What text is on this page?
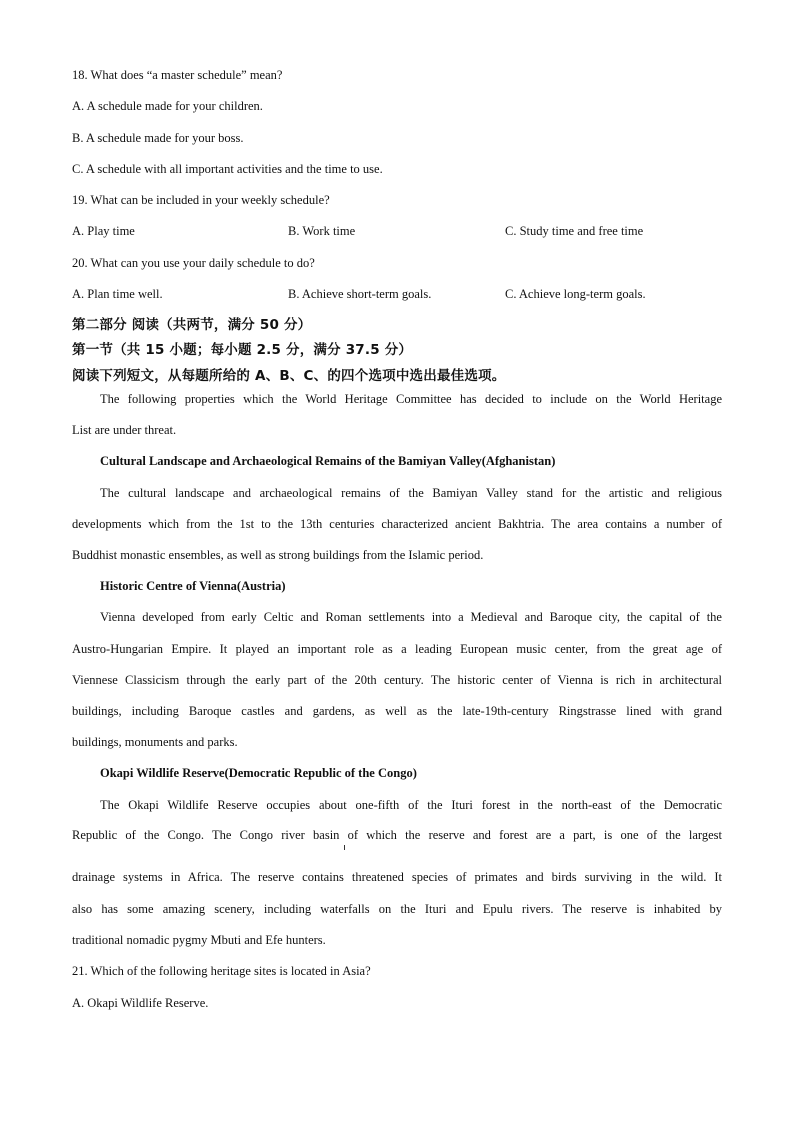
18. What does “a master schedule” mean?
A. A schedule made for your children.
B. A schedule made for your boss.
C. A schedule with all important activities and the time to use.
19. What can be included in your weekly schedule?
A. Play time	B. Work time	C. Study time and free time
20. What can you use your daily schedule to do?
A. Plan time well.	B. Achieve short-term goals.	C. Achieve long-term goals.
第二部分 阅读（共两节，满分 50 分）
第一节（共 15 小题；每小题 2.5 分，满分 37.5 分）
阅读下列短文，从每题所给的 A、B、C、的四个选项中选出最佳选项。
The following properties which the World Heritage Committee has decided to include on the World Heritage
List are under threat.
Cultural Landscape and Archaeological Remains of the Bamiyan Valley(Afghanistan)
The cultural landscape and archaeological remains of the Bamiyan Valley stand for the artistic and religious
developments which from the 1st to the 13th centuries characterized ancient Bakhtria. The area contains a number of
Buddhist monastic ensembles, as well as strong buildings from the Islamic period.
Historic Centre of Vienna(Austria)
Vienna developed from early Celtic and Roman settlements into a Medieval and Baroque city, the capital of the
Austro-Hungarian Empire. It played an important role as a leading European music center, from the great age of
Viennese Classicism through the early part of the 20th century. The historic center of Vienna is rich in architectural
buildings, including Baroque castles and gardens, as well as the late-19th-century Ringstrasse lined with grand
buildings, monuments and parks.
Okapi Wildlife Reserve(Democratic Republic of the Congo)
The Okapi Wildlife Reserve occupies about one-fifth of the Ituri forest in the north-east of the Democratic
Republic of the Congo. The Congo river basin of which the reserve and forest are a part, is one of the largest
drainage systems in Africa. The reserve contains threatened species of primates and birds surviving in the wild. It
also has some amazing scenery, including waterfalls on the Ituri and Epulu rivers. The reserve is inhabited by
traditional nomadic pygmy Mbuti and Efe hunters.
21. Which of the following heritage sites is located in Asia?
A. Okapi Wildlife Reserve.
